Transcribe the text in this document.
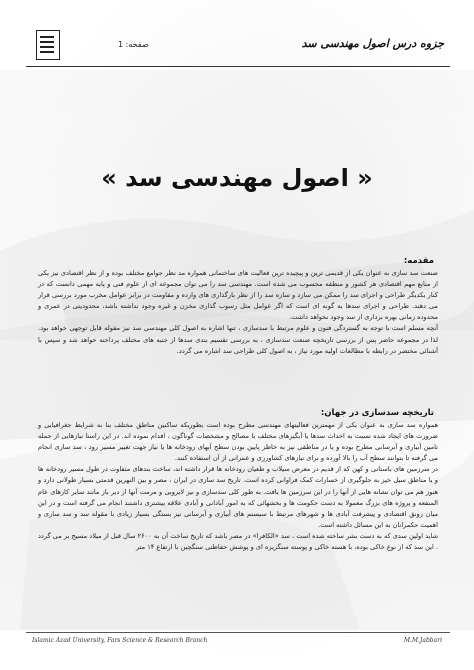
صفحه: 1	جزوه درس اصول مهندسی سد
« اصول مهندسی سد »
مقدمه:

صنعت سد سازی به عنوان یکی از قدیمی ترین و پیچیده ترین فعالیت های ساختمانی همواره مد نظر جوامع مختلف بوده و از نظر اقتصادی نیز یکی از منابع مهم اقتصادی هر کشور و منطقه محسوب می شده است. مهندسی سد را می توان مجموعه ای از علوم فنی و پایه مهمی دانست که در کنار یکدیگر طراحی و اجرای سد را ممکن می سازد و سازه سد را از نظر بارگذاری های وارده و مقاومت در برابر عوامل مخرب مورد بررسی قرار می دهند. طراحی و اجرای سدها به گونه ای است که اگر عوامل مثل رسوب گذاری مخزن و غیره وجود نداشته باشد، محدودیتی در عمری و محدوده زمانی بهره برداری از سد وجود نخواهد داشت.

آنچه مسلم است با توجه به گستردگی فنون و علوم مرتبط با سدسازی ، تنها اشاره به اصول کلی مهندسی سد نیز مقوله قابل توجهی خواهد بود. لذا در مجموعه حاضر پس از بررسی تاریخچه صنعت سدسازی ، به بررسی تقسیم بندی سدها از جنبه های مختلف پرداخته خواهد شد و سپس با آشنائی مختصر در رابطه با مطالعات اولیه مورد نیاز ، به اصول کلی طراحی سد اشاره می گردد.

تاریخچه سدسازی در جهان:

همواره سد سازی به عنوان یکی از مهمترین فعالیتهای مهندسی مطرح بوده است بطوریکه ساکنین مناطق مختلف بنا به شرایط جغرافیایی و ضرورت های ایجاد شده نسبت به احداث سدها یا آبگیرهای مختلف با مصالح و مشخصات گوناگون ، اقدام نموده اند. در این راستا نیازهایی از جمله تامین آبیاری و آبرسانی مطرح بوده و یا در مناطقی نیز به خاطر پایین بودن سطح آبهای رودخانه ها یا نیاز جهت تغییر مسیر رود ، سد سازی انجام می گرفته تا بتوانند سطح آب را بالا آورده و برای نیازهای کشاورزی و عمرانی از آن استفاده کنند.

در سرزمین های باستانی و کهن که از قدیم در معرض سیلاب و طغیان رودخانه ها قرار داشته اند، ساخت بندهای متفاوت در طول مسیر رودخانه ها و یا مناطق سیل خیز به جلوگیری از خسارات کمک فراوانی کرده است. تاریخ سد سازی در ایران ، مصر و بین النهرین قدمتی بسیار طولانی دارد و هنوز هم می توان نشانه هایی از آنها را در این سرزمین ها یافت. به طور کلی سدسازی و نیز لایروبی و مرمت آنها از دیر باز مانند سایر کارهای عام المنفعه و پروژه های بزرگ معمولا به دست حکومت ها و بخشهائی که به امور آبادانی و آبادی علاقه بیشتری داشتند انجام می گرفته است و در این میان رونق اقتصادی و پیشرفت آبادی ها و شهرهای مرتبط با سیستم های آبیاری و آبرسانی نیز بستگی بسیار زیادی با مقوله سد و سد سازی و اهمیت حکمرانان به این مسائل داشته است.

شاید اولین سدی که به دست بشر ساخته شده است ، سد «الکافرا» در مصر باشد که تاریخ ساخت آن به ۲۶۰۰ سال قبل از میلاد مسیح بر می گردد . این سد که از نوع خاکی بوده، با هسته خاکی و پوسته سنگریزه ای و پوشش حفاظتی سنگچین با ارتفاع ۱۴ متر

Islamic Azad University, Fars Science & Research Branch	M.M.Jabbari
